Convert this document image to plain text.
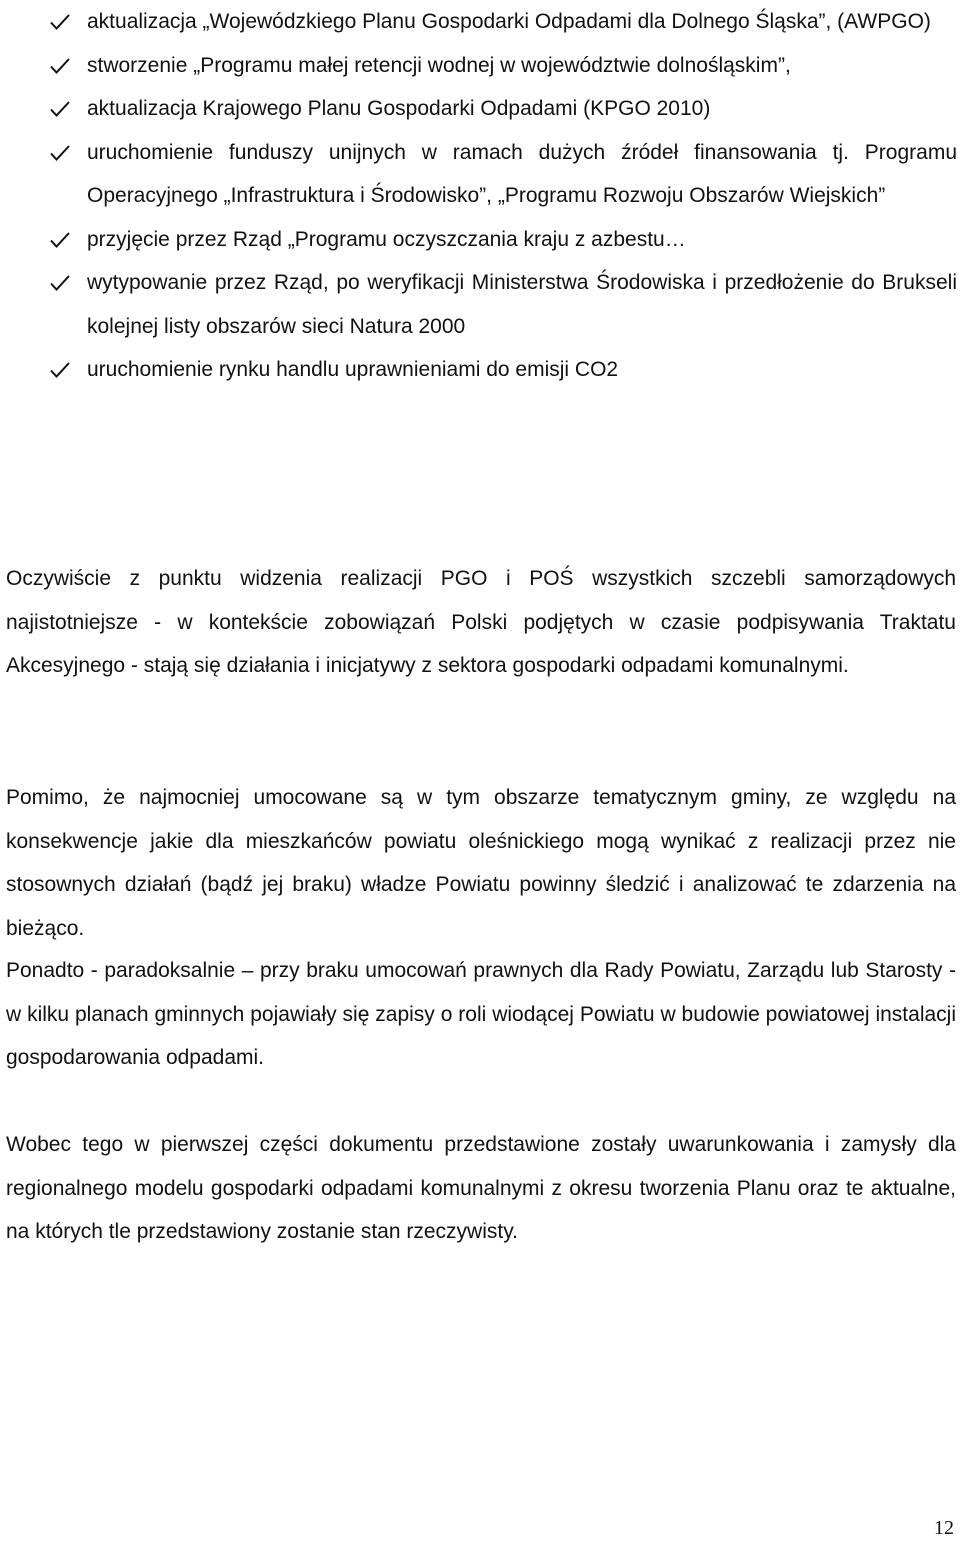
aktualizacja „Wojewódzkiego Planu Gospodarki Odpadami dla Dolnego Śląska”, (AWPGO)
stworzenie „Programu małej retencji wodnej w województwie dolnośląskim”,
aktualizacja Krajowego Planu Gospodarki Odpadami (KPGO 2010)
uruchomienie funduszy unijnych w ramach dużych źródeł finansowania tj. Programu Operacyjnego „Infrastruktura i Środowisko”, „Programu Rozwoju Obszarów Wiejskich”
przyjęcie przez Rząd „Programu oczyszczania kraju z azbestu…
wytypowanie przez Rząd, po weryfikacji Ministerstwa Środowiska i przedłożenie do Brukseli kolejnej listy obszarów sieci Natura 2000
uruchomienie rynku handlu uprawnieniami do emisji CO2

Oczywiście z punktu widzenia realizacji PGO i POŚ wszystkich szczebli samorządowych najistotniejsze - w kontekście zobowiązań Polski podjętych w czasie podpisywania Traktatu Akcesyjnego - stają się działania i inicjatywy z sektora gospodarki odpadami komunalnymi.

Pomimo, że najmocniej umocowane są w tym obszarze tematycznym gminy, ze względu na konsekwencje jakie dla mieszkańców powiatu oleśnickiego mogą wynikać z realizacji przez nie stosownych działań (bądź jej braku) władze Powiatu powinny śledzić i analizować te zdarzenia na bieżąco.

Ponadto - paradoksalnie – przy braku umocowań prawnych dla Rady Powiatu, Zarządu lub Starosty - w kilku planach gminnych pojawiały się zapisy o roli wiodącej Powiatu w budowie powiatowej instalacji gospodarowania odpadami.

Wobec tego w pierwszej części dokumentu przedstawione zostały uwarunkowania i zamysły dla regionalnego modelu gospodarki odpadami komunalnymi z okresu tworzenia Planu oraz te aktualne, na których tle przedstawiony zostanie stan rzeczywisty.

12
